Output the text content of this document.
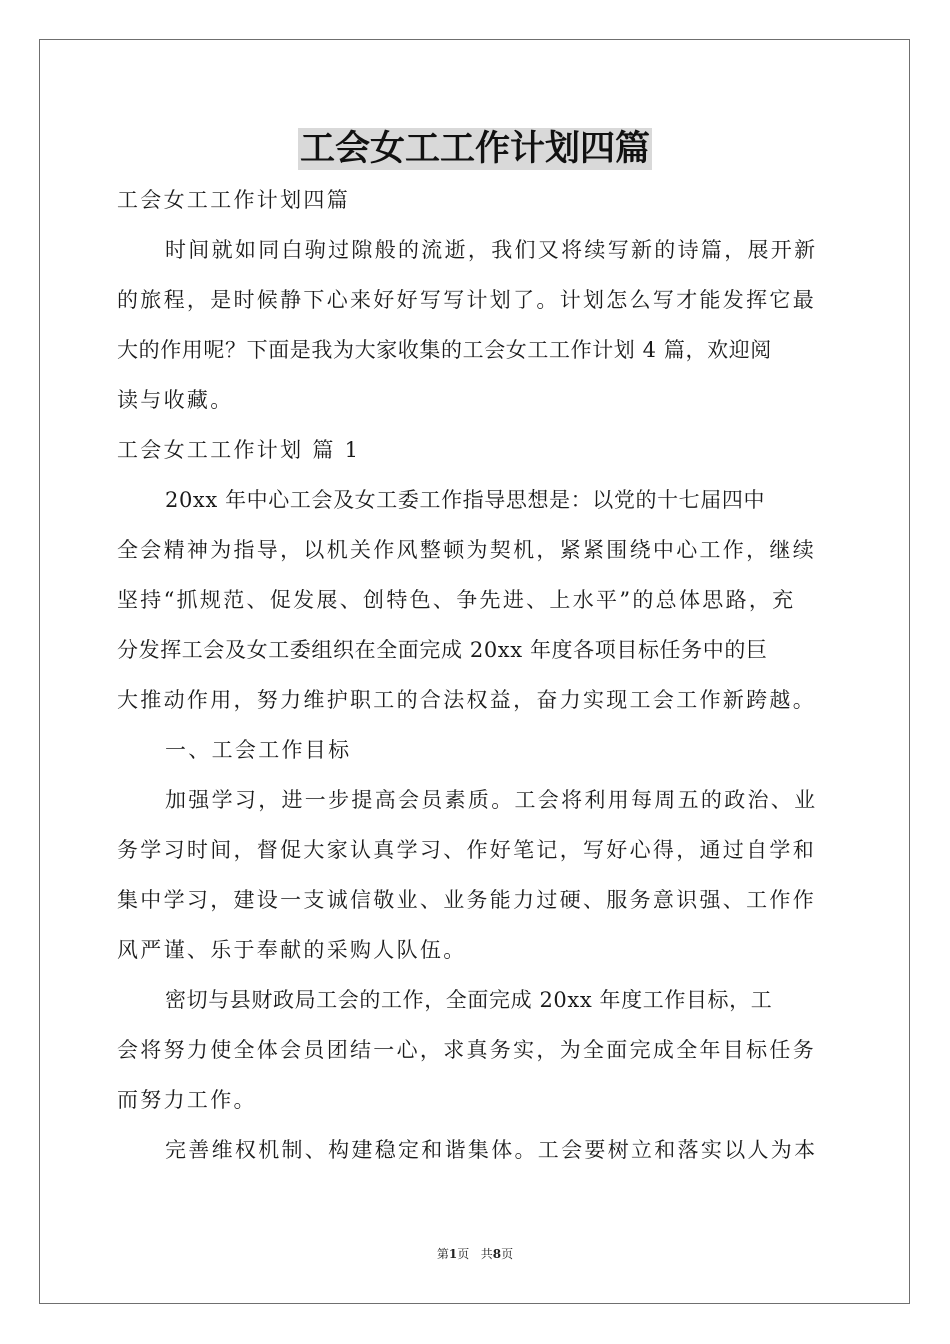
工会女工工作计划四篇
工会女工工作计划四篇
时间就如同白驹过隙般的流逝，我们又将续写新的诗篇，展开新
的旅程，是时候静下心来好好写写计划了。计划怎么写才能发挥它最
大的作用呢？下面是我为大家收集的工会女工工作计划 4 篇，欢迎阅
读与收藏。
工会女工工作计划 篇 1
20xx 年中心工会及女工委工作指导思想是：以党的十七届四中
全会精神为指导，以机关作风整顿为契机，紧紧围绕中心工作，继续
坚持“抓规范、促发展、创特色、争先进、上水平”的总体思路，充
分发挥工会及女工委组织在全面完成 20xx 年度各项目标任务中的巨
大推动作用，努力维护职工的合法权益，奋力实现工会工作新跨越。
一、工会工作目标
加强学习，进一步提高会员素质。工会将利用每周五的政治、业
务学习时间，督促大家认真学习、作好笔记，写好心得，通过自学和
集中学习，建设一支诚信敬业、业务能力过硬、服务意识强、工作作
风严谨、乐于奉献的采购人队伍。
密切与县财政局工会的工作，全面完成 20xx 年度工作目标，工
会将努力使全体会员团结一心，求真务实，为全面完成全年目标任务
而努力工作。
完善维权机制、构建稳定和谐集体。工会要树立和落实以人为本
第1页 共8页
